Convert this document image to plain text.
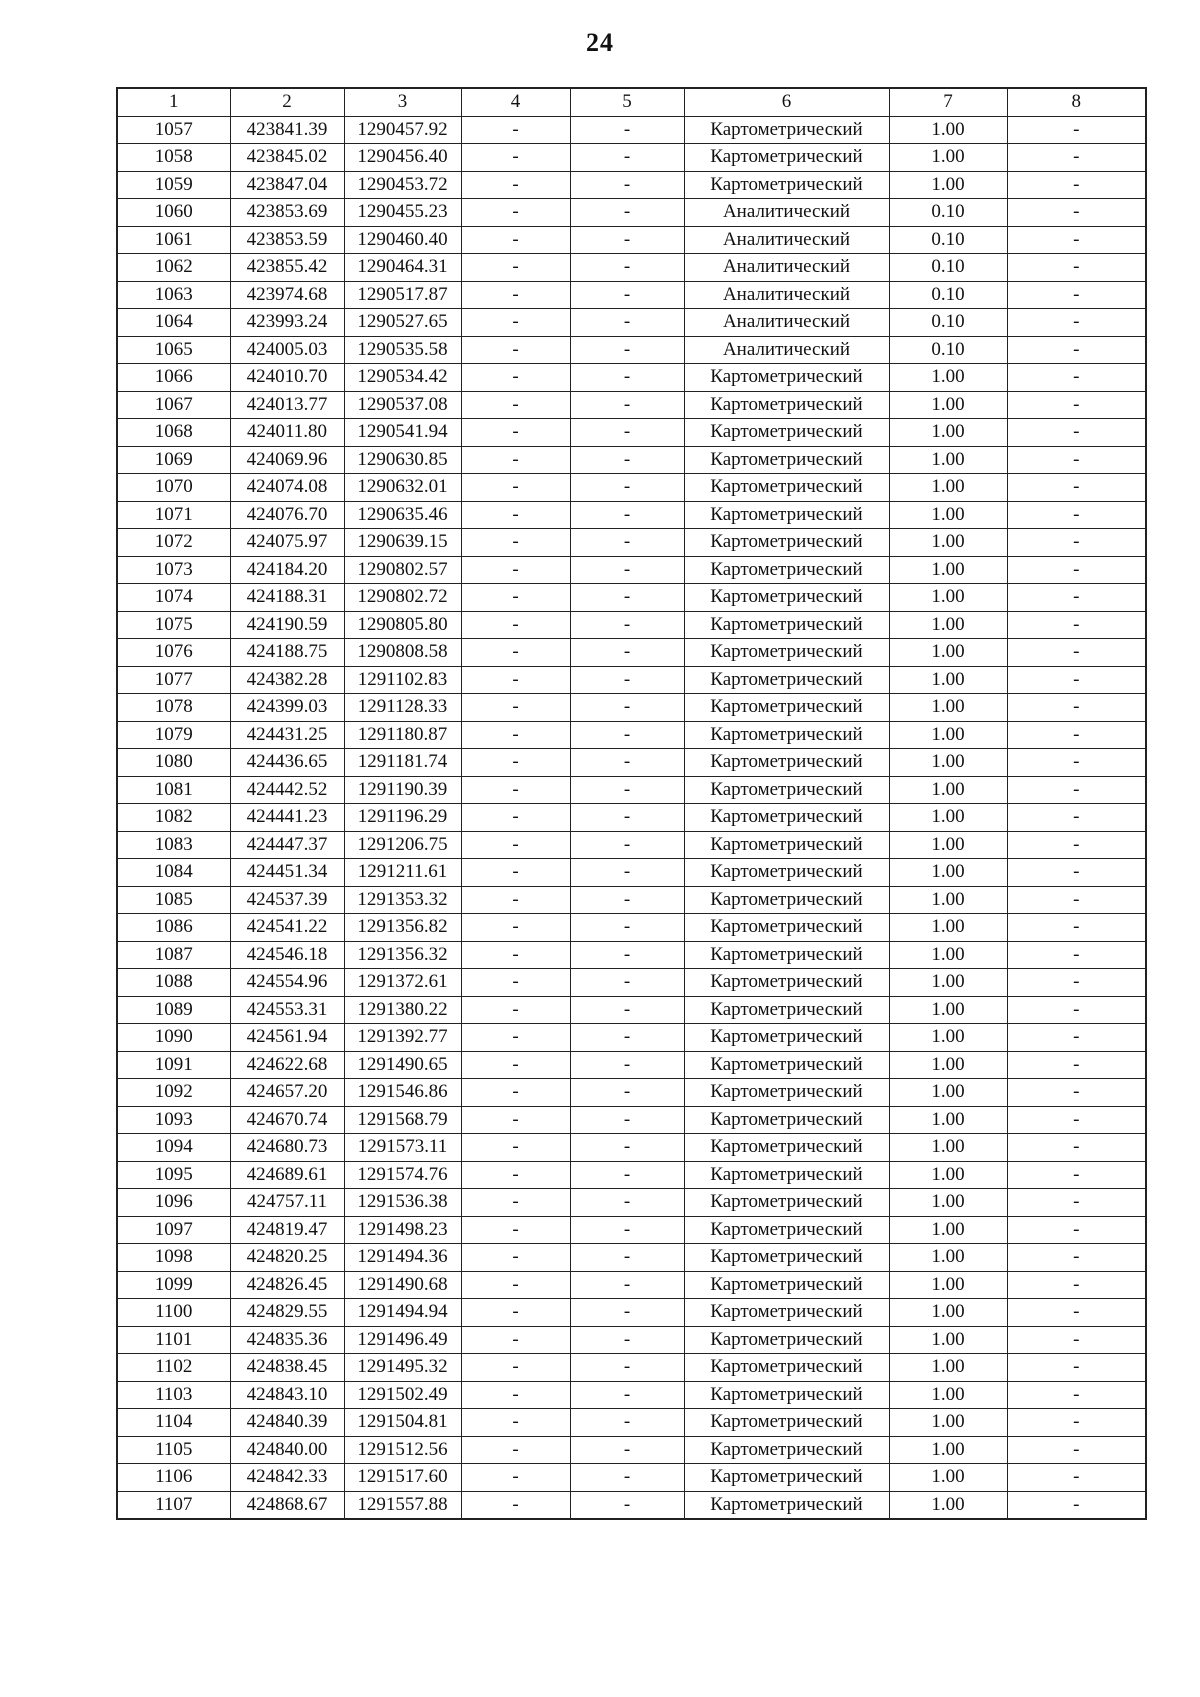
24
1	2	3	4	5	6	7	8
1057	423841.39	1290457.92	-	-	Картометрический	1.00	-
1058	423845.02	1290456.40	-	-	Картометрический	1.00	-
1059	423847.04	1290453.72	-	-	Картометрический	1.00	-
1060	423853.69	1290455.23	-	-	Аналитический	0.10	-
1061	423853.59	1290460.40	-	-	Аналитический	0.10	-
1062	423855.42	1290464.31	-	-	Аналитический	0.10	-
1063	423974.68	1290517.87	-	-	Аналитический	0.10	-
1064	423993.24	1290527.65	-	-	Аналитический	0.10	-
1065	424005.03	1290535.58	-	-	Аналитический	0.10	-
1066	424010.70	1290534.42	-	-	Картометрический	1.00	-
1067	424013.77	1290537.08	-	-	Картометрический	1.00	-
1068	424011.80	1290541.94	-	-	Картометрический	1.00	-
1069	424069.96	1290630.85	-	-	Картометрический	1.00	-
1070	424074.08	1290632.01	-	-	Картометрический	1.00	-
1071	424076.70	1290635.46	-	-	Картометрический	1.00	-
1072	424075.97	1290639.15	-	-	Картометрический	1.00	-
1073	424184.20	1290802.57	-	-	Картометрический	1.00	-
1074	424188.31	1290802.72	-	-	Картометрический	1.00	-
1075	424190.59	1290805.80	-	-	Картометрический	1.00	-
1076	424188.75	1290808.58	-	-	Картометрический	1.00	-
1077	424382.28	1291102.83	-	-	Картометрический	1.00	-
1078	424399.03	1291128.33	-	-	Картометрический	1.00	-
1079	424431.25	1291180.87	-	-	Картометрический	1.00	-
1080	424436.65	1291181.74	-	-	Картометрический	1.00	-
1081	424442.52	1291190.39	-	-	Картометрический	1.00	-
1082	424441.23	1291196.29	-	-	Картометрический	1.00	-
1083	424447.37	1291206.75	-	-	Картометрический	1.00	-
1084	424451.34	1291211.61	-	-	Картометрический	1.00	-
1085	424537.39	1291353.32	-	-	Картометрический	1.00	-
1086	424541.22	1291356.82	-	-	Картометрический	1.00	-
1087	424546.18	1291356.32	-	-	Картометрический	1.00	-
1088	424554.96	1291372.61	-	-	Картометрический	1.00	-
1089	424553.31	1291380.22	-	-	Картометрический	1.00	-
1090	424561.94	1291392.77	-	-	Картометрический	1.00	-
1091	424622.68	1291490.65	-	-	Картометрический	1.00	-
1092	424657.20	1291546.86	-	-	Картометрический	1.00	-
1093	424670.74	1291568.79	-	-	Картометрический	1.00	-
1094	424680.73	1291573.11	-	-	Картометрический	1.00	-
1095	424689.61	1291574.76	-	-	Картометрический	1.00	-
1096	424757.11	1291536.38	-	-	Картометрический	1.00	-
1097	424819.47	1291498.23	-	-	Картометрический	1.00	-
1098	424820.25	1291494.36	-	-	Картометрический	1.00	-
1099	424826.45	1291490.68	-	-	Картометрический	1.00	-
1100	424829.55	1291494.94	-	-	Картометрический	1.00	-
1101	424835.36	1291496.49	-	-	Картометрический	1.00	-
1102	424838.45	1291495.32	-	-	Картометрический	1.00	-
1103	424843.10	1291502.49	-	-	Картометрический	1.00	-
1104	424840.39	1291504.81	-	-	Картометрический	1.00	-
1105	424840.00	1291512.56	-	-	Картометрический	1.00	-
1106	424842.33	1291517.60	-	-	Картометрический	1.00	-
1107	424868.67	1291557.88	-	-	Картометрический	1.00	-
